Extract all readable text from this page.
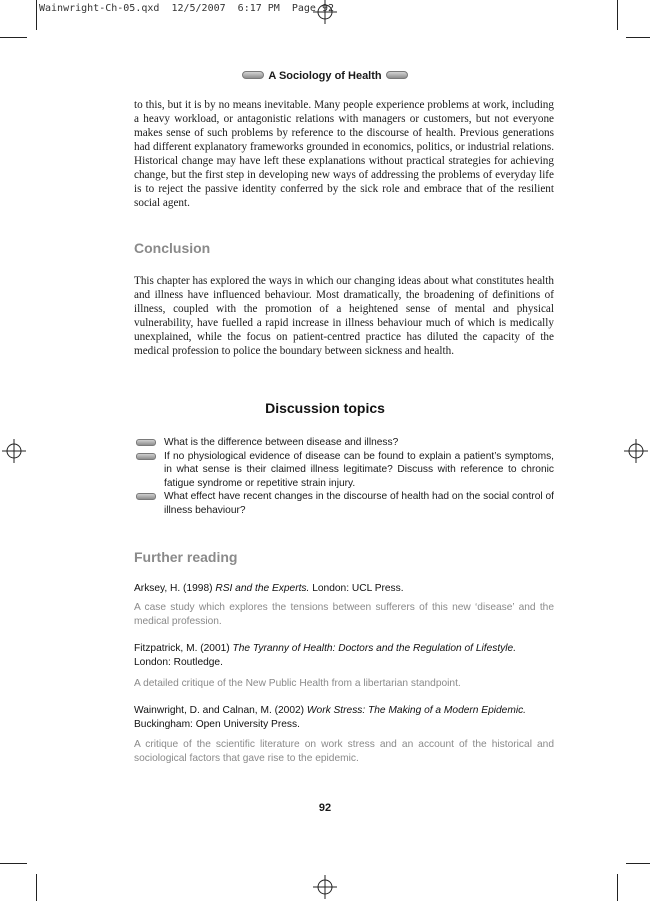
Wainwright-Ch-05.qxd  12/5/2007  6:17 PM  Page 92
A Sociology of Health

to this, but it is by no means inevitable. Many people experience problems at work, including a heavy workload, or antagonistic relations with managers or customers, but not everyone makes sense of such problems by reference to the discourse of health. Previous generations had different explanatory frameworks grounded in economics, politics, or industrial relations. Historical change may have left these explanations without practical strategies for achieving change, but the first step in developing new ways of addressing the problems of everyday life is to reject the passive identity conferred by the sick role and embrace that of the resilient social agent.

Conclusion

This chapter has explored the ways in which our changing ideas about what constitutes health and illness have influenced behaviour. Most dramatically, the broadening of definitions of illness, coupled with the promotion of a heightened sense of mental and physical vulnerability, have fuelled a rapid increase in illness behaviour much of which is medically unexplained, while the focus on patient-centred practice has diluted the capacity of the medical profession to police the boundary between sickness and health.

Discussion topics
What is the difference between disease and illness?
If no physiological evidence of disease can be found to explain a patient’s symptoms, in what sense is their claimed illness legitimate? Discuss with reference to chronic fatigue syndrome or repetitive strain injury.
What effect have recent changes in the discourse of health had on the social control of illness behaviour?
Further reading
Arksey, H. (1998) RSI and the Experts. London: UCL Press.
A case study which explores the tensions between sufferers of this new ‘disease’ and the medical profession.
Fitzpatrick, M. (2001) The Tyranny of Health: Doctors and the Regulation of Lifestyle.
London: Routledge.
A detailed critique of the New Public Health from a libertarian standpoint.
Wainwright, D. and Calnan, M. (2002) Work Stress: The Making of a Modern Epidemic.
Buckingham: Open University Press.
A critique of the scientific literature on work stress and an account of the historical and sociological factors that gave rise to the epidemic.
92
